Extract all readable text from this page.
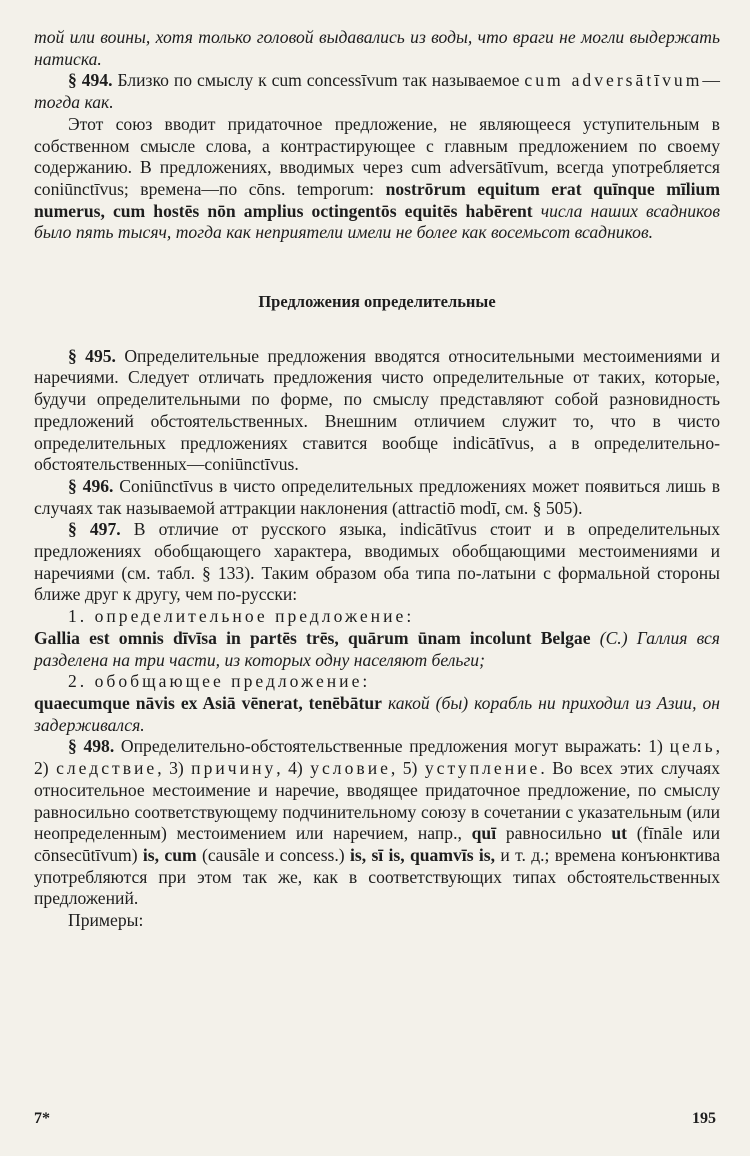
той или воины, хотя только головой выдавались из воды, что враги не могли выдержать натиска.

§ 494. Близко по смыслу к cum concessīvum так называемое cum adversātīvum—тогда как.

Этот союз вводит придаточное предложение, не являющееся уступительным в собственном смысле слова, а контрастирующее с главным предложением по своему содержанию. В предложениях, вводимых через cum adversātīvum, всегда употребляется coniūnctīvus; времена—по cōns. temporum: nostrōrum equitum erat quīnque mīlium numerus, cum hostēs nōn amplius octingentōs equitēs habērent числа наших всадников было пять тысяч, тогда как неприятели имели не более как восемьсот всадников.

Предложения определительные

§ 495. Определительные предложения вводятся относительными местоимениями и наречиями. Следует отличать предложения чисто определительные от таких, которые, будучи определительными по форме, по смыслу представляют собой разновидность предложений обстоятельственных. Внешним отличием служит то, что в чисто определительных предложениях ставится вообще indicātīvus, а в определительно-обстоятельственных—coniūnctīvus.

§ 496. Coniūnctīvus в чисто определительных предложениях может появиться лишь в случаях так называемой аттракции наклонения (attractiō modī, см. § 505).

§ 497. В отличие от русского языка, indicātīvus стоит и в определительных предложениях обобщающего характера, вводимых обобщающими местоимениями и наречиями (см. табл. § 133). Таким образом оба типа по-латыни с формальной стороны ближе друг к другу, чем по-русски:

1. определительное предложение:

Gallia est omnis dīvīsa in partēs trēs, quārum ūnam incolunt Belgae (С.) Галлия вся разделена на три части, из которых одну населяют бельги;

2. обобщающее предложение:

quaecumque nāvis ex Asiā vēnerat, tenēbātur какой (бы) корабль ни приходил из Азии, он задерживался.

§ 498. Определительно-обстоятельственные предложения могут выражать: 1) цель, 2) следствие, 3) причину, 4) условие, 5) уступление. Во всех этих случаях относительное местоимение и наречие, вводящее придаточное предложение, по смыслу равносильно соответствующему подчинительному союзу в сочетании с указательным (или неопределенным) местоимением или наречием, напр., quī равносильно ut (fīnāle или cōnsecūtīvum) is, cum (causāle и concess.) is, sī is, quamvīs is, и т. д.; времена конъюнктива употребляются при этом так же, как в соответствующих типах обстоятельственных предложений.

Примеры:

7*	195
